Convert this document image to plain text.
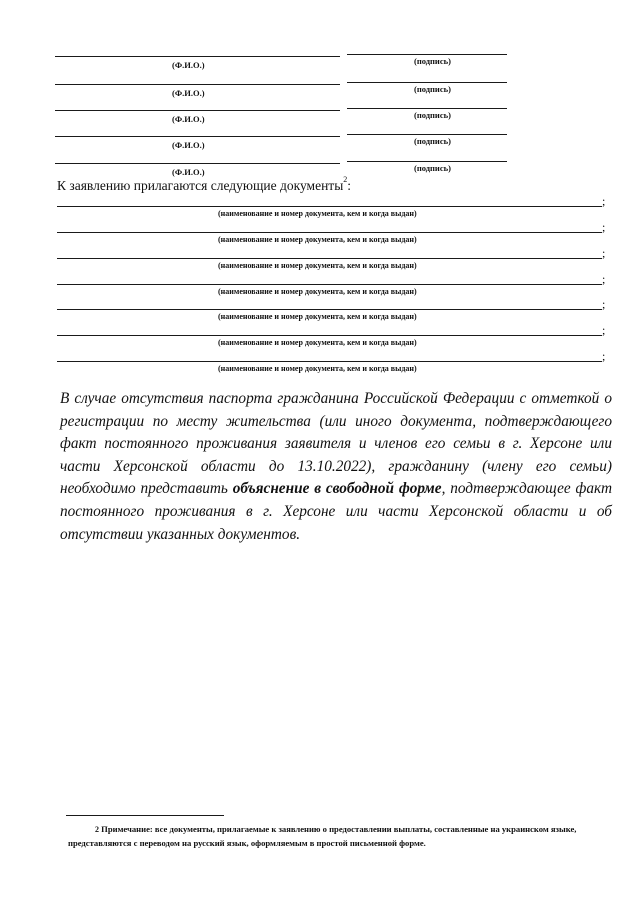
(Ф.И.О.)	(подпись)
(Ф.И.О.)	(подпись)
(Ф.И.О.)	(подпись)
(Ф.И.О.)	(подпись)
(Ф.И.О.)	(подпись)
К заявлению прилагаются следующие документы$^2$:
;
(наименование и номер документа, кем и когда выдан)
;
(наименование и номер документа, кем и когда выдан)
;
(наименование и номер документа, кем и когда выдан)
;
(наименование и номер документа, кем и когда выдан)
;
(наименование и номер документа, кем и когда выдан)
;
(наименование и номер документа, кем и когда выдан)
;
(наименование и номер документа, кем и когда выдан)

В случае отсутствия паспорта гражданина Российской Федерации с отметкой о регистрации по месту жительства (или иного документа, подтверждающего факт постоянного проживания заявителя и членов его семьи в г. Херсоне или части Херсонской области до 13.10.2022), гражданину (члену его семьи) необходимо представить объяснение в свободной форме, подтверждающее факт постоянного проживания в г. Херсоне или части Херсонской области и об отсутствии указанных документов.

2 Примечание: все документы, прилагаемые к заявлению о предоставлении выплаты, составленные на украинском языке, представляются с переводом на русский язык, оформляемым в простой письменной форме.
